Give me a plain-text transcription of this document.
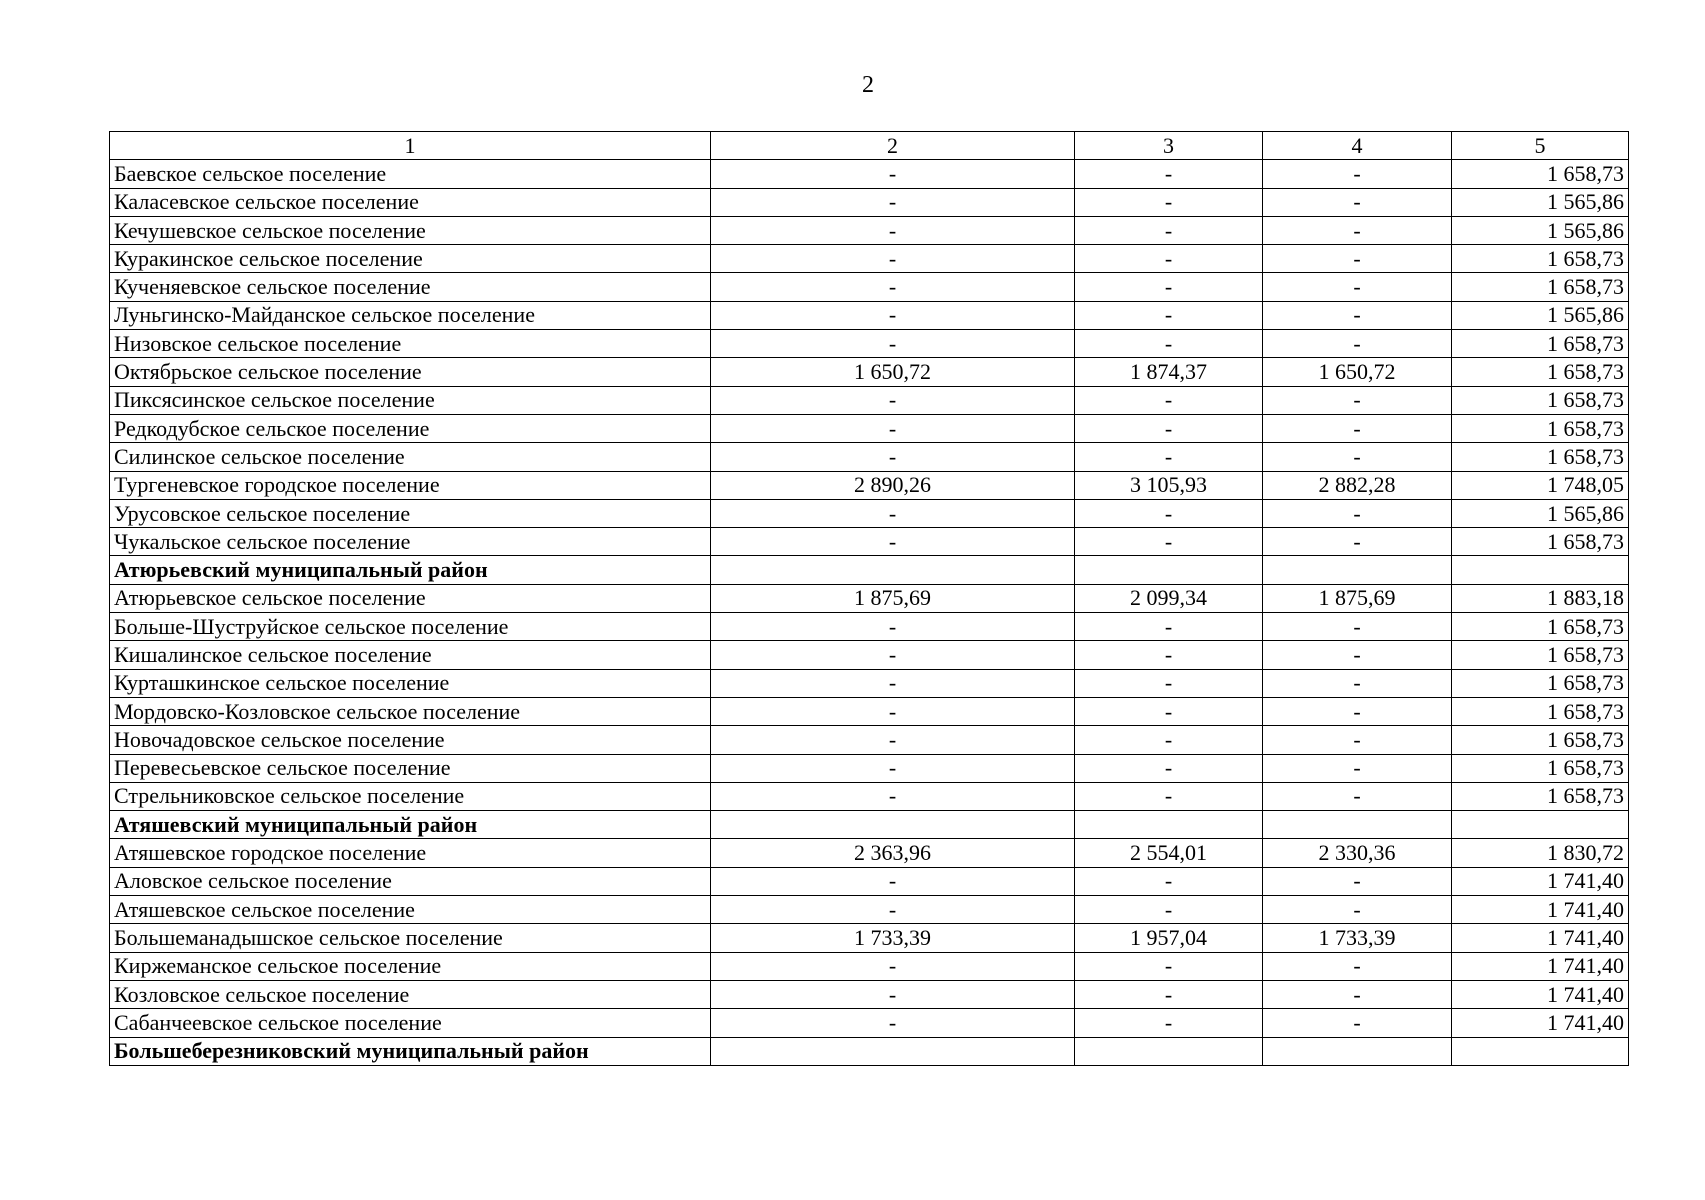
2
1	2	3	4	5
Баевское сельское поселение	-	-	-	1 658,73
Каласевское сельское поселение	-	-	-	1 565,86
Кечушевское сельское поселение	-	-	-	1 565,86
Куракинское сельское поселение	-	-	-	1 658,73
Кученяевское сельское поселение	-	-	-	1 658,73
Луньгинско-Майданское сельское поселение	-	-	-	1 565,86
Низовское сельское поселение	-	-	-	1 658,73
Октябрьское сельское поселение	1 650,72	1 874,37	1 650,72	1 658,73
Пиксясинское сельское поселение	-	-	-	1 658,73
Редкодубское сельское поселение	-	-	-	1 658,73
Силинское сельское поселение	-	-	-	1 658,73
Тургеневское городское поселение	2 890,26	3 105,93	2 882,28	1 748,05
Урусовское сельское поселение	-	-	-	1 565,86
Чукальское сельское поселение	-	-	-	1 658,73
Атюрьевский муниципальный район				
Атюрьевское сельское поселение	1 875,69	2 099,34	1 875,69	1 883,18
Больше-Шуструйское сельское поселение	-	-	-	1 658,73
Кишалинское сельское поселение	-	-	-	1 658,73
Курташкинское сельское поселение	-	-	-	1 658,73
Мордовско-Козловское сельское поселение	-	-	-	1 658,73
Новочадовское сельское поселение	-	-	-	1 658,73
Перевесьевское сельское поселение	-	-	-	1 658,73
Стрельниковское сельское поселение	-	-	-	1 658,73
Атяшевский муниципальный район				
Атяшевское городское поселение	2 363,96	2 554,01	2 330,36	1 830,72
Аловское сельское поселение	-	-	-	1 741,40
Атяшевское сельское поселение	-	-	-	1 741,40
Большеманадышское сельское поселение	1 733,39	1 957,04	1 733,39	1 741,40
Киржеманское сельское поселение	-	-	-	1 741,40
Козловское сельское поселение	-	-	-	1 741,40
Сабанчеевское сельское поселение	-	-	-	1 741,40
Большеберезниковский муниципальный район				
